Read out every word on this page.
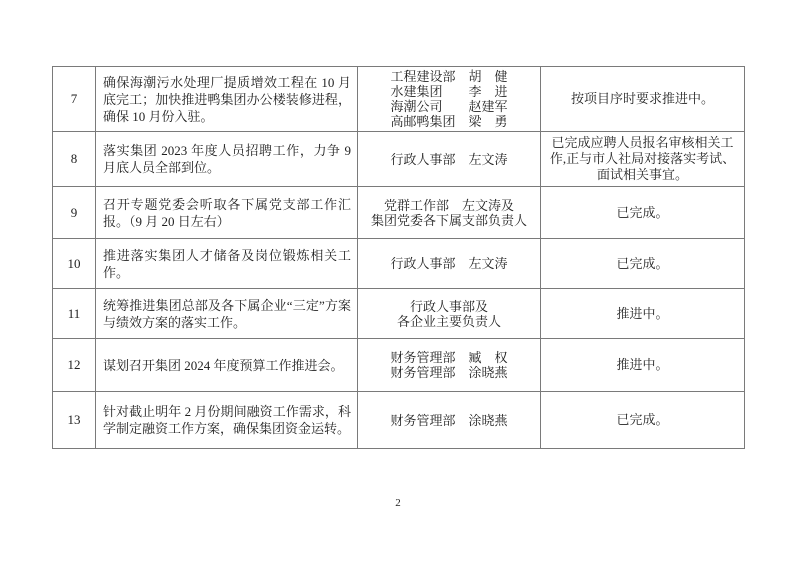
7	确保海潮污水处理厂提质增效工程在 10 月底完工；加快推进鸭集团办公楼装修进程，确保 10 月份入驻。	工程建设部　胡　健
水建集团　　李　进
海潮公司　　赵建军
高邮鸭集团　梁　勇	按项目序时要求推进中。
8	落实集团 2023 年度人员招聘工作，力争 9 月底人员全部到位。	行政人事部　左文涛	已完成应聘人员报名审核相关工作,正与市人社局对接落实考试、面试相关事宜。
9	召开专题党委会听取各下属党支部工作汇报。（9 月 20 日左右）	党群工作部　左文涛及
集团党委各下属支部负责人	已完成。
10	推进落实集团人才储备及岗位锻炼相关工作。	行政人事部　左文涛	已完成。
11	统筹推进集团总部及各下属企业“三定”方案与绩效方案的落实工作。	行政人事部及
各企业主要负责人	推进中。
12	谋划召开集团 2024 年度预算工作推进会。	财务管理部　臧　权
财务管理部　涂晓燕	推进中。
13	针对截止明年 2 月份期间融资工作需求，科学制定融资工作方案，确保集团资金运转。	财务管理部　涂晓燕	已完成。
2
